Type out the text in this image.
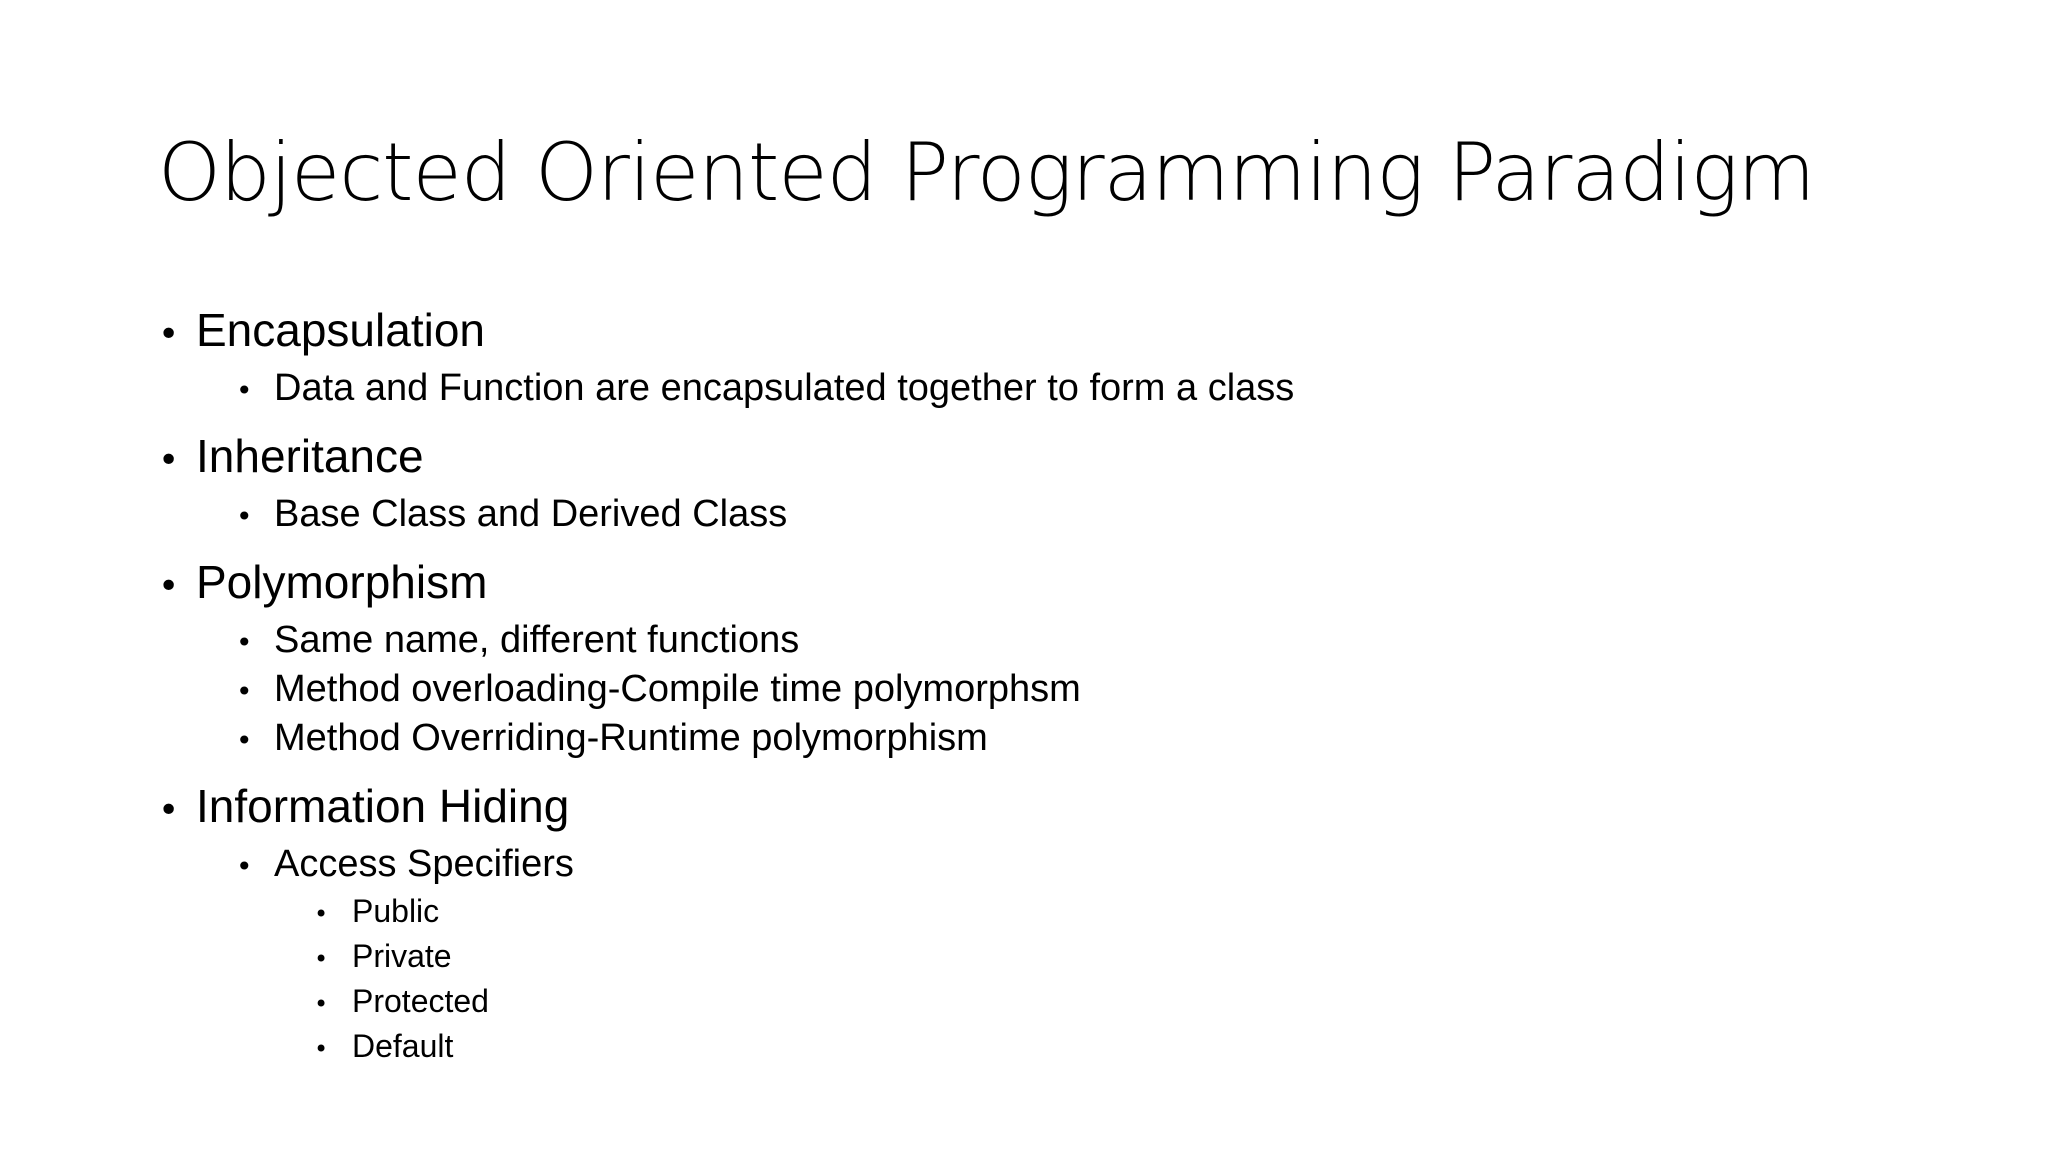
Objected Oriented Programming Paradigm
• Encapsulation
• Data and Function are encapsulated together to form a class
• Inheritance
• Base Class and Derived Class
• Polymorphism
• Same name, different functions
• Method overloading-Compile time polymorphsm
• Method Overriding-Runtime polymorphism
• Information Hiding
• Access Specifiers
• Public
• Private
• Protected
• Default
